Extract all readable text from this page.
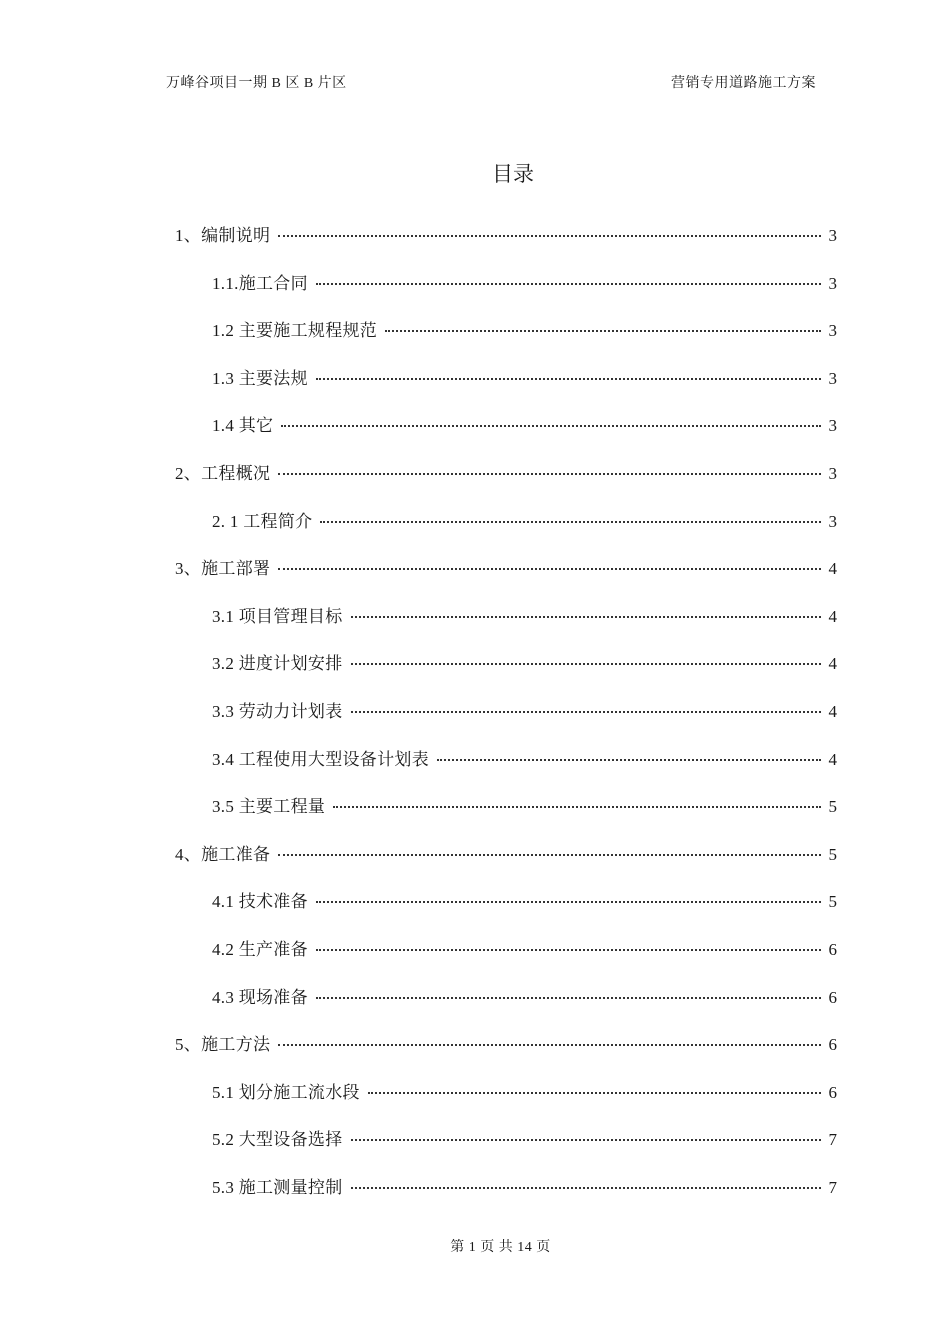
万峰谷项目一期 B 区 B 片区	营销专用道路施工方案
目录
1、编制说明	3
1.1.施工合同	3
1.2 主要施工规程规范	3
1.3 主要法规	3
1.4 其它	3
2、工程概况	3
2. 1 工程简介	3
3、施工部署	4
3.1 项目管理目标	4
3.2 进度计划安排	4
3.3 劳动力计划表	4
3.4 工程使用大型设备计划表	4
3.5 主要工程量	5
4、施工准备	5
4.1 技术准备	5
4.2 生产准备	6
4.3 现场准备	6
5、施工方法	6
5.1 划分施工流水段	6
5.2 大型设备选择	7
5.3 施工测量控制	7
第 1 页 共 14 页
